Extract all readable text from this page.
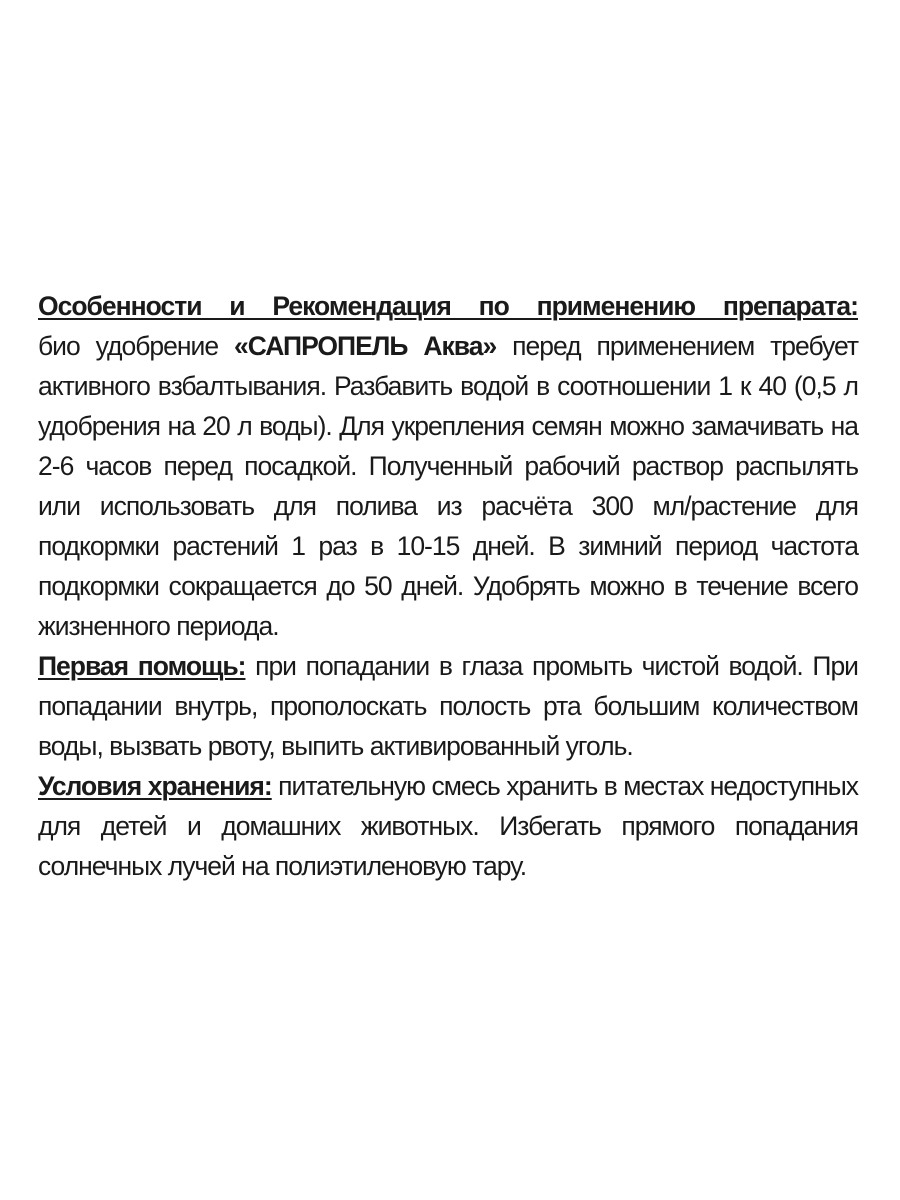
Особенности и Рекомендация по применению препарата:
био удобрение «САПРОПЕЛЬ Аква» перед применением требует активного взбалтывания. Разбавить водой в соотношении 1 к 40 (0,5 л удобрения на 20 л воды). Для укрепления семян можно замачивать на 2-6 часов перед посадкой. Полученный рабочий раствор распылять или использовать для полива из расчёта 300 мл/растение для подкормки растений 1 раз в 10-15 дней. В зимний период частота подкормки сокращается до 50 дней. Удобрять можно в течение всего жизненного периода.

Первая помощь: при попадании в глаза промыть чистой водой. При попадании внутрь, прополоскать полость рта большим количеством воды, вызвать рвоту, выпить активированный уголь.

Условия хранения: питательную смесь хранить в местах недоступных для детей и домашних животных. Избегать прямого попадания солнечных лучей на полиэтиленовую тару.
